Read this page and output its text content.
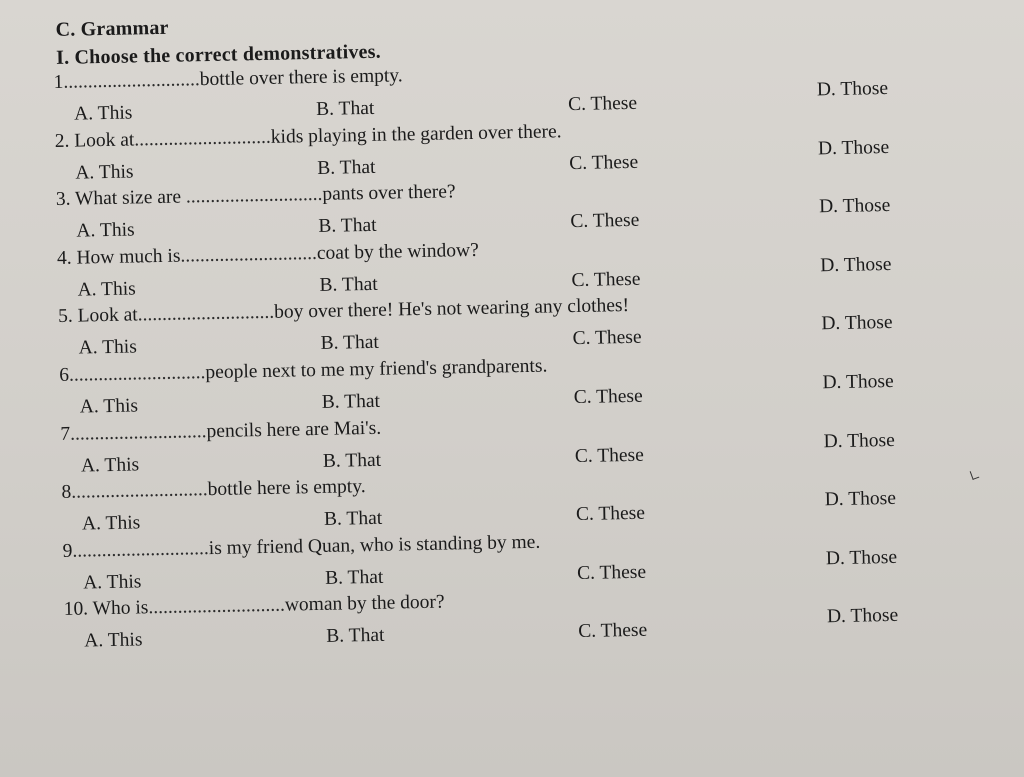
C. Grammar
I. Choose the correct demonstratives.
1............................bottle over there is empty.
A. This	B. That	C. These
D. Those
2. Look at............................kids playing in the garden over there.
A. This	B. That	C. These
D. Those
3. What size are ............................pants over there?
A. This	B. That	C. These
D. Those
4. How much is............................coat by the window?
A. This	B. That	C. These
D. Those
5. Look at............................boy over there! He's not wearing any clothes!
A. This	B. That	C. These
D. Those
6............................people next to me my friend's grandparents.
A. This	B. That	C. These
D. Those
7............................pencils here are Mai's.
A. This	B. That	C. These
D. Those
8............................bottle here is empty.
A. This	B. That	C. These
D. Those
9............................is my friend Quan, who is standing by me.
A. This	B. That	C. These
D. Those
10. Who is............................woman by the door?
A. This	B. That	C. These
D. Those
